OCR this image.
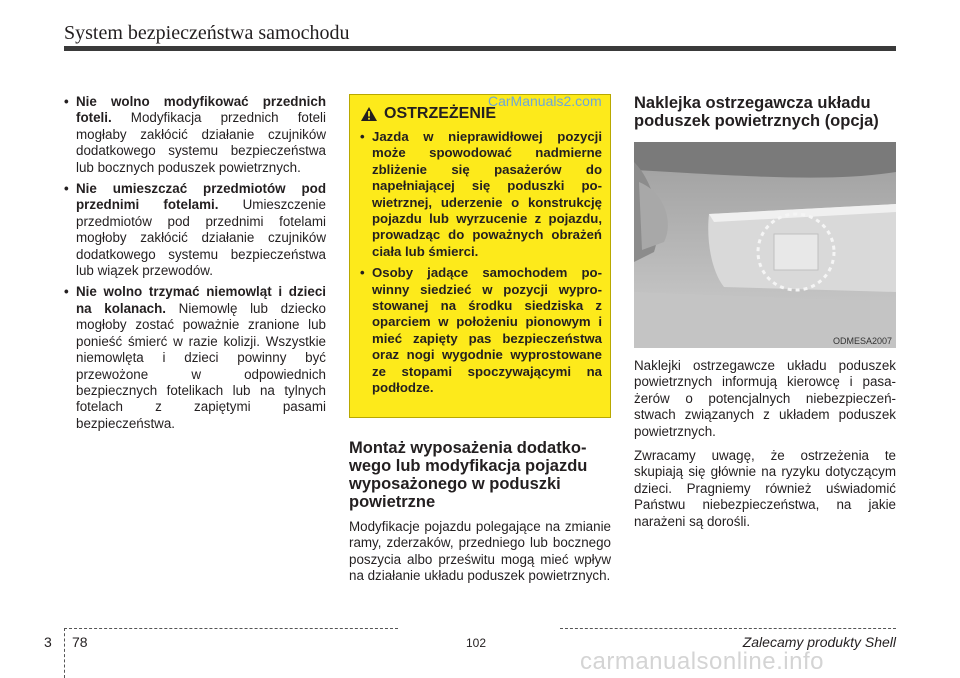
System bezpieczeństwa samochodu
• Nie wolno modyfikować przednich foteli. Modyfikacja przednich foteli mogłaby zakłócić działanie czujników dodatkowego systemu bezpieczeństwa lub bocznych poduszek powietrznych.
• Nie umieszczać przedmiotów pod przednimi fotelami. Umieszczenie przedmiotów pod przednimi fotelami mogłoby zakłócić działanie czujników dodatkowego systemu bezpieczeństwa lub wiązek przewodów.
• Nie wolno trzymać niemowląt i dzieci na kolanach. Niemowlę lub dziecko mogłoby zostać poważnie zranione lub ponieść śmierć w razie kolizji. Wszystkie niemowlęta i dzieci powinny być przewożone w odpowiednich bezpiecznych fotelikach lub na tylnych fotelach z zapiętymi pasami bezpieczeństwa.
OSTRZEŻENIE
• Jazda w nieprawidłowej pozycji może spowodować nadmierne zbliżenie się pasażerów do napełniającej się poduszki powietrznej, uderzenie o konstrukcję pojazdu lub wyrzucenie z pojazdu, prowadząc do poważnych obrażeń ciała lub śmierci.
• Osoby jadące samochodem powinny siedzieć w pozycji wyprostowanej na środku siedziska z oparciem w położeniu pionowym i mieć zapięty pas bezpieczeństwa oraz nogi wygodnie wyprostowane ze stopami spoczywającymi na podłodze.
CarManuals2.com
Montaż wyposażenia dodatkowego lub modyfikacja pojazdu wyposażonego w poduszki powietrzne

Modyfikacje pojazdu polegające na zmianie ramy, zderzaków, przedniego lub bocznego poszycia albo prześwitu mogą mieć wpływ na działanie układu poduszek powietrznych.

Naklejka ostrzegawcza układu poduszek powietrznych (opcja)
ODMESA2007

Naklejki ostrzegawcze układu poduszek powietrznych informują kierowcę i pasażerów o potencjalnych niebezpieczeństwach związanych z układem poduszek powietrznych.

Zwracamy uwagę, że ostrzeżenia te skupiają się głównie na ryzyku dotyczącym dzieci. Pragniemy również uświadomić Państwu niebezpieczeństwa, na jakie narażeni są dorośli.

3 78	102	Zalecamy produkty Shell
carmanualsonline.info
